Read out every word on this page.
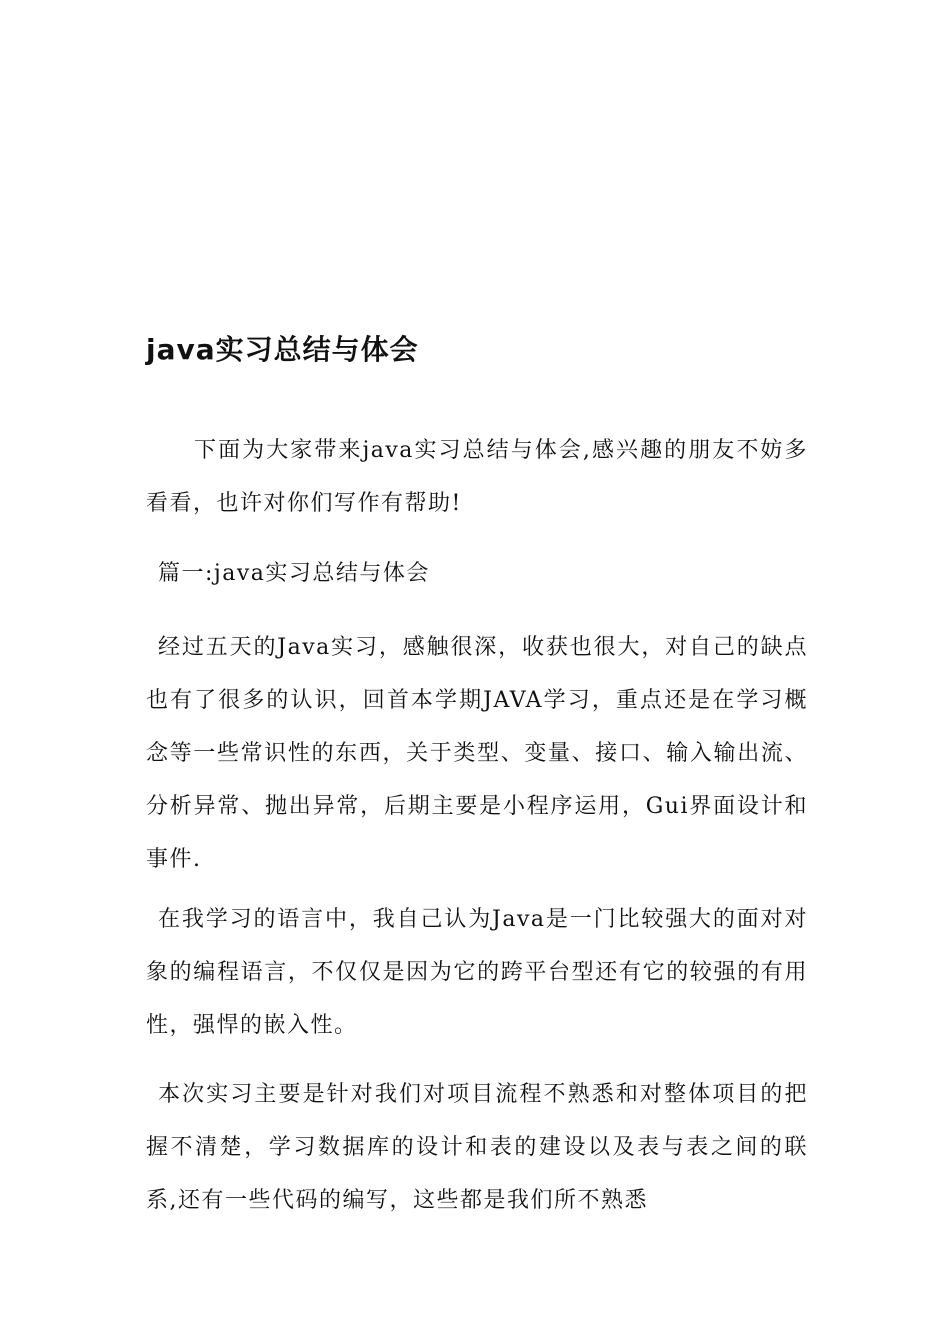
java实习总结与体会

下面为大家带来java实习总结与体会,感兴趣的朋友不妨多看看，也许对你们写作有帮助!

篇一:java实习总结与体会

经过五天的Java实习，感触很深，收获也很大，对自己的缺点也有了很多的认识，回首本学期JAVA学习，重点还是在学习概念等一些常识性的东西，关于类型、变量、接口、输入输出流、分析异常、抛出异常，后期主要是小程序运用，Gui界面设计和事件.

在我学习的语言中，我自己认为Java是一门比较强大的面对对象的编程语言，不仅仅是因为它的跨平台型还有它的较强的有用性，强悍的嵌入性。

本次实习主要是针对我们对项目流程不熟悉和对整体项目的把握不清楚，学习数据库的设计和表的建设以及表与表之间的联系,还有一些代码的编写，这些都是我们所不熟悉
